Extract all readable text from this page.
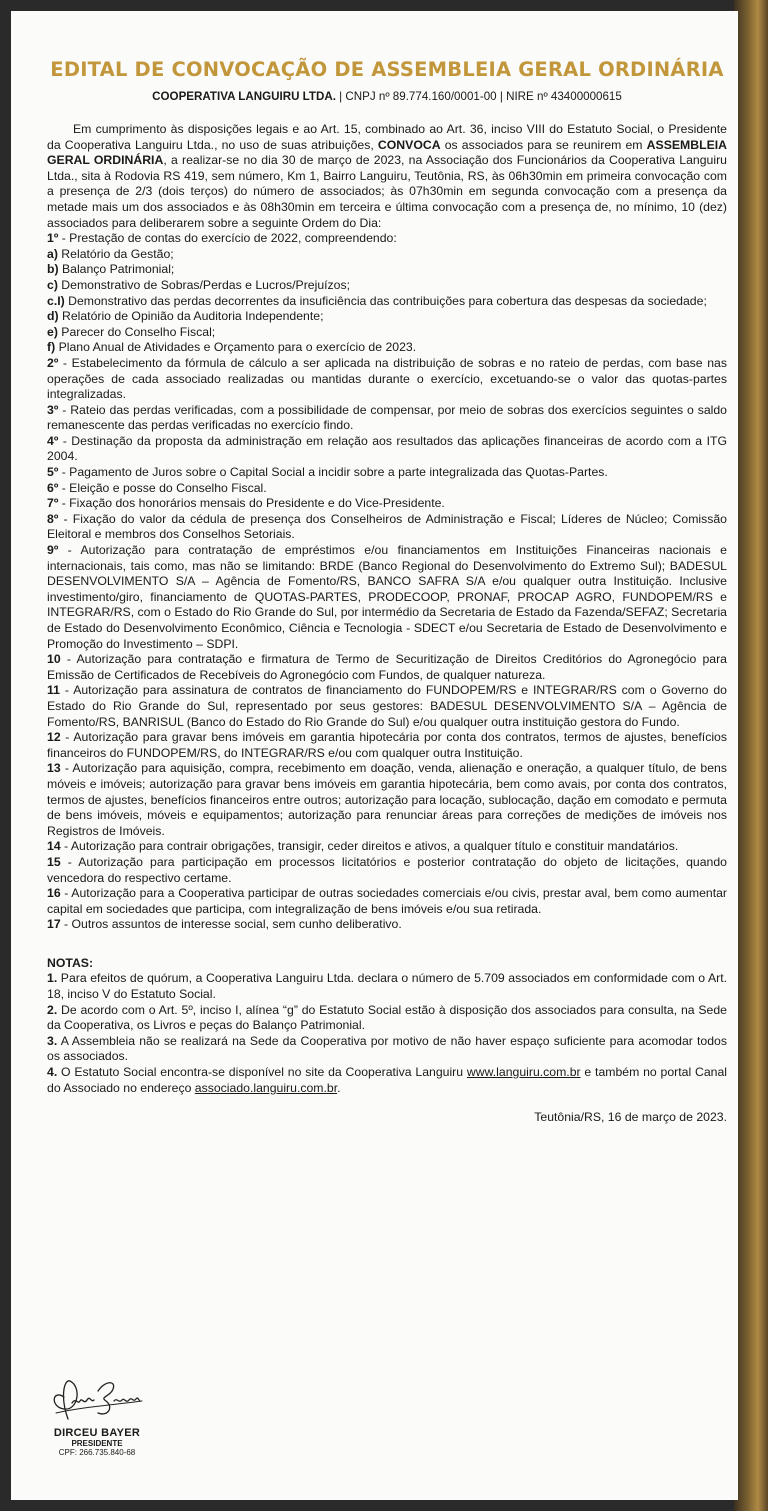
EDITAL DE CONVOCAÇÃO DE ASSEMBLEIA GERAL ORDINÁRIA
COOPERATIVA LANGUIRU LTDA. | CNPJ nº 89.774.160/0001-00 | NIRE nº 43400000615
Em cumprimento às disposições legais e ao Art. 15, combinado ao Art. 36, inciso VIII do Estatuto Social, o Presidente da Cooperativa Languiru Ltda., no uso de suas atribuições, CONVOCA os associados para se reunirem em ASSEMBLEIA GERAL ORDINÁRIA, a realizar-se no dia 30 de março de 2023, na Associação dos Funcionários da Cooperativa Languiru Ltda., sita à Rodovia RS 419, sem número, Km 1, Bairro Languiru, Teutônia, RS, às 06h30min em primeira convocação com a presença de 2/3 (dois terços) do número de associados; às 07h30min em segunda convocação com a presença da metade mais um dos associados e às 08h30min em terceira e última convocação com a presença de, no mínimo, 10 (dez) associados para deliberarem sobre a seguinte Ordem do Dia:
1º - Prestação de contas do exercício de 2022, compreendendo:
a) Relatório da Gestão;
b) Balanço Patrimonial;
c) Demonstrativo de Sobras/Perdas e Lucros/Prejuízos;
c.I) Demonstrativo das perdas decorrentes da insuficiência das contribuições para cobertura das despesas da sociedade;
d) Relatório de Opinião da Auditoria Independente;
e) Parecer do Conselho Fiscal;
f) Plano Anual de Atividades e Orçamento para o exercício de 2023.
2º - Estabelecimento da fórmula de cálculo a ser aplicada na distribuição de sobras e no rateio de perdas, com base nas operações de cada associado realizadas ou mantidas durante o exercício, excetuando-se o valor das quotas-partes integralizadas.
3º - Rateio das perdas verificadas, com a possibilidade de compensar, por meio de sobras dos exercícios seguintes o saldo remanescente das perdas verificadas no exercício findo.
4º - Destinação da proposta da administração em relação aos resultados das aplicações financeiras de acordo com a ITG 2004.
5º - Pagamento de Juros sobre o Capital Social a incidir sobre a parte integralizada das Quotas-Partes.
6º - Eleição e posse do Conselho Fiscal.
7º - Fixação dos honorários mensais do Presidente e do Vice-Presidente.
8º - Fixação do valor da cédula de presença dos Conselheiros de Administração e Fiscal; Líderes de Núcleo; Comissão Eleitoral e membros dos Conselhos Setoriais.
9º - Autorização para contratação de empréstimos e/ou financiamentos em Instituições Financeiras nacionais e internacionais, tais como, mas não se limitando: BRDE (Banco Regional do Desenvolvimento do Extremo Sul); BADESUL DESENVOLVIMENTO S/A – Agência de Fomento/RS, BANCO SAFRA S/A e/ou qualquer outra Instituição. Inclusive investimento/giro, financiamento de QUOTAS-PARTES, PRODECOOP, PRONAF, PROCAP AGRO, FUNDOPEM/RS e INTEGRAR/RS, com o Estado do Rio Grande do Sul, por intermédio da Secretaria de Estado da Fazenda/SEFAZ; Secretaria de Estado do Desenvolvimento Econômico, Ciência e Tecnologia - SDECT e/ou Secretaria de Estado de Desenvolvimento e Promoção do Investimento – SDPI.
10 - Autorização para contratação e firmatura de Termo de Securitização de Direitos Creditórios do Agronegócio para Emissão de Certificados de Recebíveis do Agronegócio com Fundos, de qualquer natureza.
11 - Autorização para assinatura de contratos de financiamento do FUNDOPEM/RS e INTEGRAR/RS com o Governo do Estado do Rio Grande do Sul, representado por seus gestores: BADESUL DESENVOLVIMENTO S/A – Agência de Fomento/RS, BANRISUL (Banco do Estado do Rio Grande do Sul) e/ou qualquer outra instituição gestora do Fundo.
12 - Autorização para gravar bens imóveis em garantia hipotecária por conta dos contratos, termos de ajustes, benefícios financeiros do FUNDOPEM/RS, do INTEGRAR/RS e/ou com qualquer outra Instituição.
13 - Autorização para aquisição, compra, recebimento em doação, venda, alienação e oneração, a qualquer título, de bens móveis e imóveis; autorização para gravar bens imóveis em garantia hipotecária, bem como avais, por conta dos contratos, termos de ajustes, benefícios financeiros entre outros; autorização para locação, sublocação, dação em comodato e permuta de bens imóveis, móveis e equipamentos; autorização para renunciar áreas para correções de medições de imóveis nos Registros de Imóveis.
14 - Autorização para contrair obrigações, transigir, ceder direitos e ativos, a qualquer título e constituir mandatários.
15 - Autorização para participação em processos licitatórios e posterior contratação do objeto de licitações, quando vencedora do respectivo certame.
16 - Autorização para a Cooperativa participar de outras sociedades comerciais e/ou civis, prestar aval, bem como aumentar capital em sociedades que participa, com integralização de bens imóveis e/ou sua retirada.
17 - Outros assuntos de interesse social, sem cunho deliberativo.
NOTAS:
1. Para efeitos de quórum, a Cooperativa Languiru Ltda. declara o número de 5.709 associados em conformidade com o Art. 18, inciso V do Estatuto Social.
2. De acordo com o Art. 5º, inciso I, alínea “g” do Estatuto Social estão à disposição dos associados para consulta, na Sede da Cooperativa, os Livros e peças do Balanço Patrimonial.
3. A Assembleia não se realizará na Sede da Cooperativa por motivo de não haver espaço suficiente para acomodar todos os associados.
4. O Estatuto Social encontra-se disponível no site da Cooperativa Languiru www.languiru.com.br e também no portal Canal do Associado no endereço associado.languiru.com.br.
Teutônia/RS, 16 de março de 2023.
DIRCEU BAYER
PRESIDENTE
CPF: 266.735.840-68
